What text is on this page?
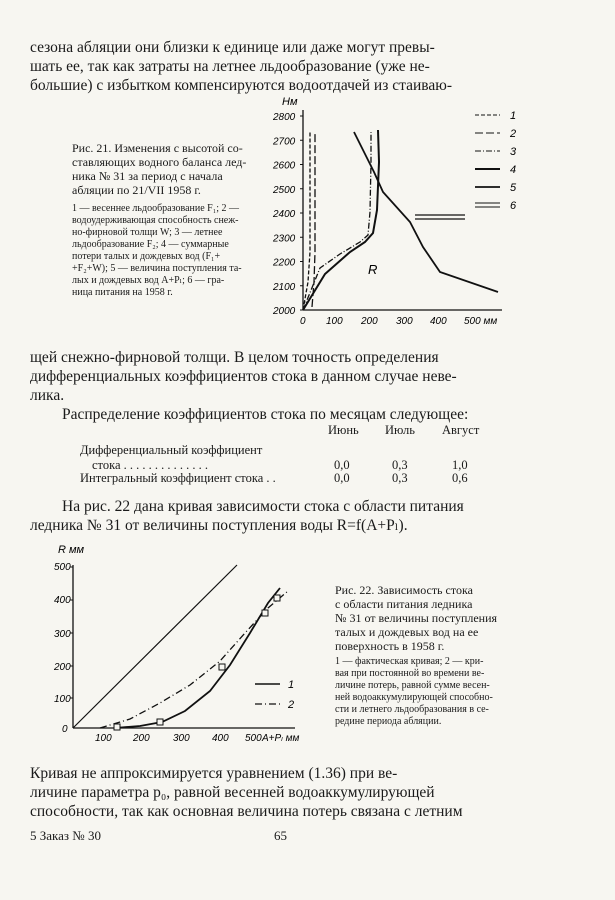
сезона абляции они близки к единице или даже могут превы-
шать ее, так как затраты на летнее льдообразование (уже не-
большие) с избытком компенсируются водоотдачей из стаиваю-
Рис. 21. Изменения с высотой со-
ставляющих водного баланса лед-
ника № 31 за период с начала
абляции по 21/VII 1958 г.
1 — весеннее льдообразование F₁; 2 —
водоудерживающая способность снеж-
но-фирновой толщи W; 3 — летнее
льдообразование F₂; 4 — суммарные
потери талых и дождевых вод (F₁+
+F₂+W); 5 — величина поступления та-
лых и дождевых вод A+Pₗ; 6 — гра-
ница питания на 1958 г.
Нм
R
1
2
3
4
5
6
0 100 200 300 400 500 мм
2800
2700
2600
2500
2400
2300
2200
2100
2000
щей снежно-фирновой толщи. В целом точность определения
дифференциальных коэффициентов стока в данном случае неве-
лика.
Распределение коэффициентов стока по месяцам следующее:
Июнь Июль Август
Дифференциальный коэффициент
стока . . . . . . . . . . . . . .	0,0	0,3	1,0
Интегральный коэффициент стока . .	0,0	0,3	0,6
На рис. 22 дана кривая зависимости стока с области питания
ледника № 31 от величины поступления воды R=f(A+Pₗ).
R мм
500
400
300
200
100
0
100 200 300 400 500 A+Pₗ мм
1
2
Рис. 22. Зависимость стока
с области питания ледника
№ 31 от величины поступления
талых и дождевых вод на ее
поверхность в 1958 г.
1 — фактическая кривая; 2 — кри-
вая при постоянной во времени ве-
личине потерь, равной сумме весен-
ней водоаккумулирующей способно-
сти и летнего льдообразования в се-
редине периода абляции.
Кривая не аппроксимируется уравнением (1.36) при ве-
личине параметра p₀, равной весенней водоаккумулирующей
способности, так как основная величина потерь связана с летним
5 Заказ № 30	65
